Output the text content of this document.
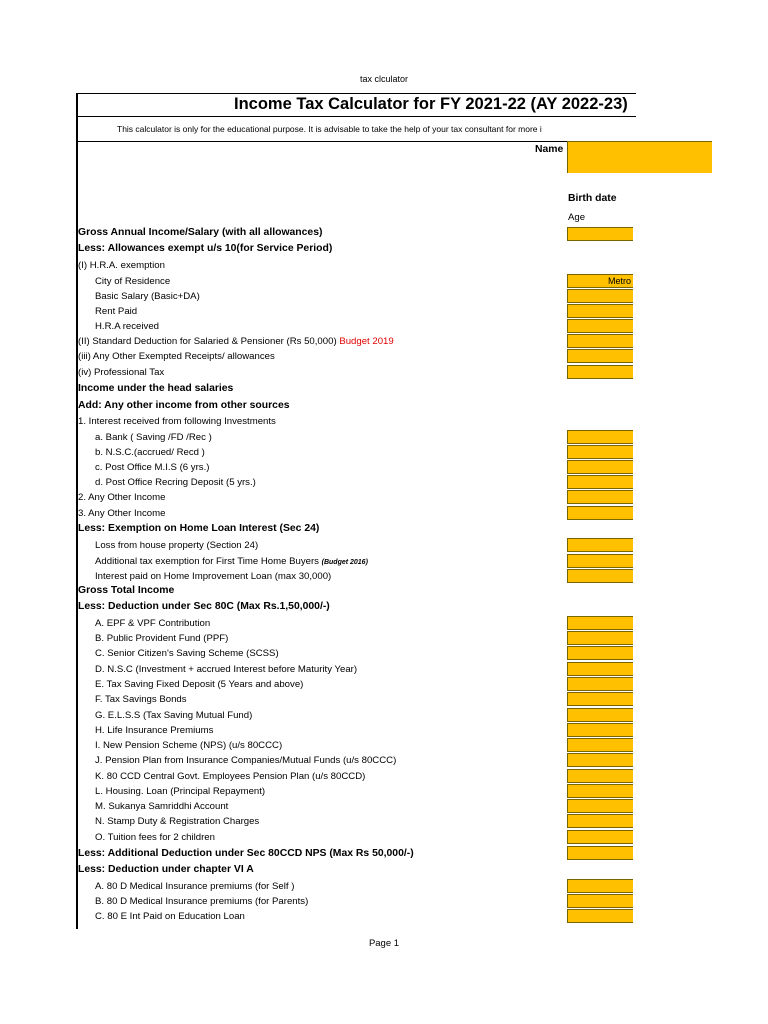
tax clculator
Income Tax Calculator for FY 2021-22 (AY 2022-23)
This calculator is only for the educational purpose. It is advisable to take the help of your tax consultant for more i
Name
Birth date
Age
Gross Annual Income/Salary (with all allowances)
Less: Allowances exempt u/s 10(for Service Period)
(I) H.R.A. exemption
City of Residence	Metro
Basic Salary (Basic+DA)
Rent Paid
H.R.A received
(II) Standard Deduction for Salaried & Pensioner (Rs 50,000) Budget 2019
(iii) Any Other Exempted Receipts/ allowances
(iv) Professional Tax
Income under the head salaries
Add: Any other income from other sources
1. Interest received from following Investments
a. Bank ( Saving /FD /Rec )
b. N.S.C.(accrued/ Recd )
c. Post Office M.I.S (6 yrs.)
d. Post Office Recring Deposit (5 yrs.)
2. Any Other Income
3. Any Other Income
Less: Exemption on Home Loan Interest (Sec 24)
Loss from house property (Section 24)
Additional tax exemption for First Time Home Buyers (Budget 2016)
Interest paid on Home Improvement Loan (max 30,000)
Gross Total Income
Less: Deduction under Sec 80C (Max Rs.1,50,000/-)
A. EPF & VPF Contribution
B. Public Provident Fund (PPF)
C. Senior Citizen's Saving Scheme (SCSS)
D. N.S.C (Investment + accrued Interest before Maturity Year)
E. Tax Saving Fixed Deposit (5 Years and above)
F. Tax Savings Bonds
G. E.L.S.S (Tax Saving Mutual Fund)
H. Life Insurance Premiums
I. New Pension Scheme (NPS) (u/s 80CCC)
J. Pension Plan from Insurance Companies/Mutual Funds (u/s 80CCC)
K. 80 CCD Central Govt. Employees Pension Plan (u/s 80CCD)
L. Housing. Loan (Principal Repayment)
M. Sukanya Samriddhi Account
N. Stamp Duty & Registration Charges
O. Tuition fees for 2 children
Less: Additional Deduction under Sec 80CCD NPS (Max Rs 50,000/-)
Less: Deduction under chapter VI A
A. 80 D Medical Insurance premiums (for Self )
B. 80 D Medical Insurance premiums (for Parents)
C. 80 E Int Paid on Education Loan
Page 1
